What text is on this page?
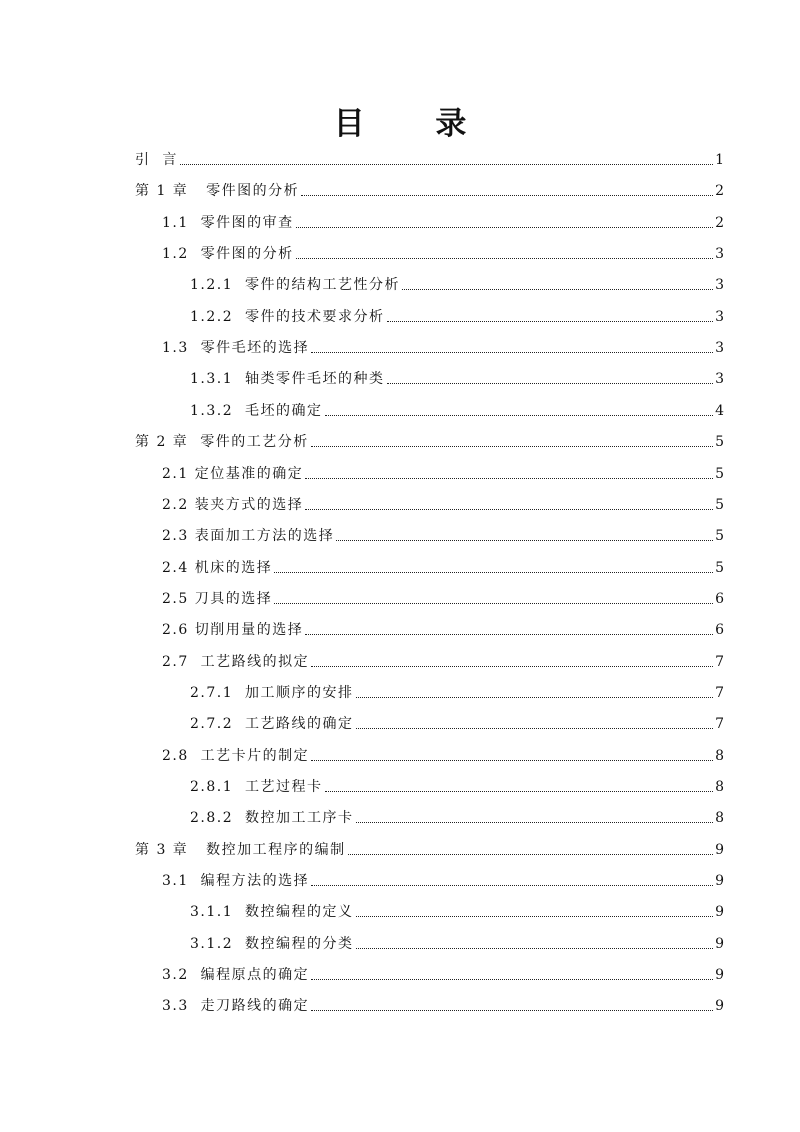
目 录
引  言	1
第 1 章   零件图的分析	2
1.1  零件图的审查	2
1.2  零件图的分析	3
1.2.1  零件的结构工艺性分析	3
1.2.2  零件的技术要求分析	3
1.3  零件毛坯的选择	3
1.3.1  轴类零件毛坯的种类	3
1.3.2  毛坯的确定	4
第 2 章  零件的工艺分析	5
2.1 定位基准的确定	5
2.2 装夹方式的选择	5
2.3 表面加工方法的选择	5
2.4 机床的选择	5
2.5 刀具的选择	6
2.6 切削用量的选择	6
2.7  工艺路线的拟定	7
2.7.1  加工顺序的安排	7
2.7.2  工艺路线的确定	7
2.8  工艺卡片的制定	8
2.8.1  工艺过程卡	8
2.8.2  数控加工工序卡	8
第 3 章   数控加工程序的编制	9
3.1  编程方法的选择	9
3.1.1  数控编程的定义	9
3.1.2  数控编程的分类	9
3.2  编程原点的确定	9
3.3  走刀路线的确定	9
